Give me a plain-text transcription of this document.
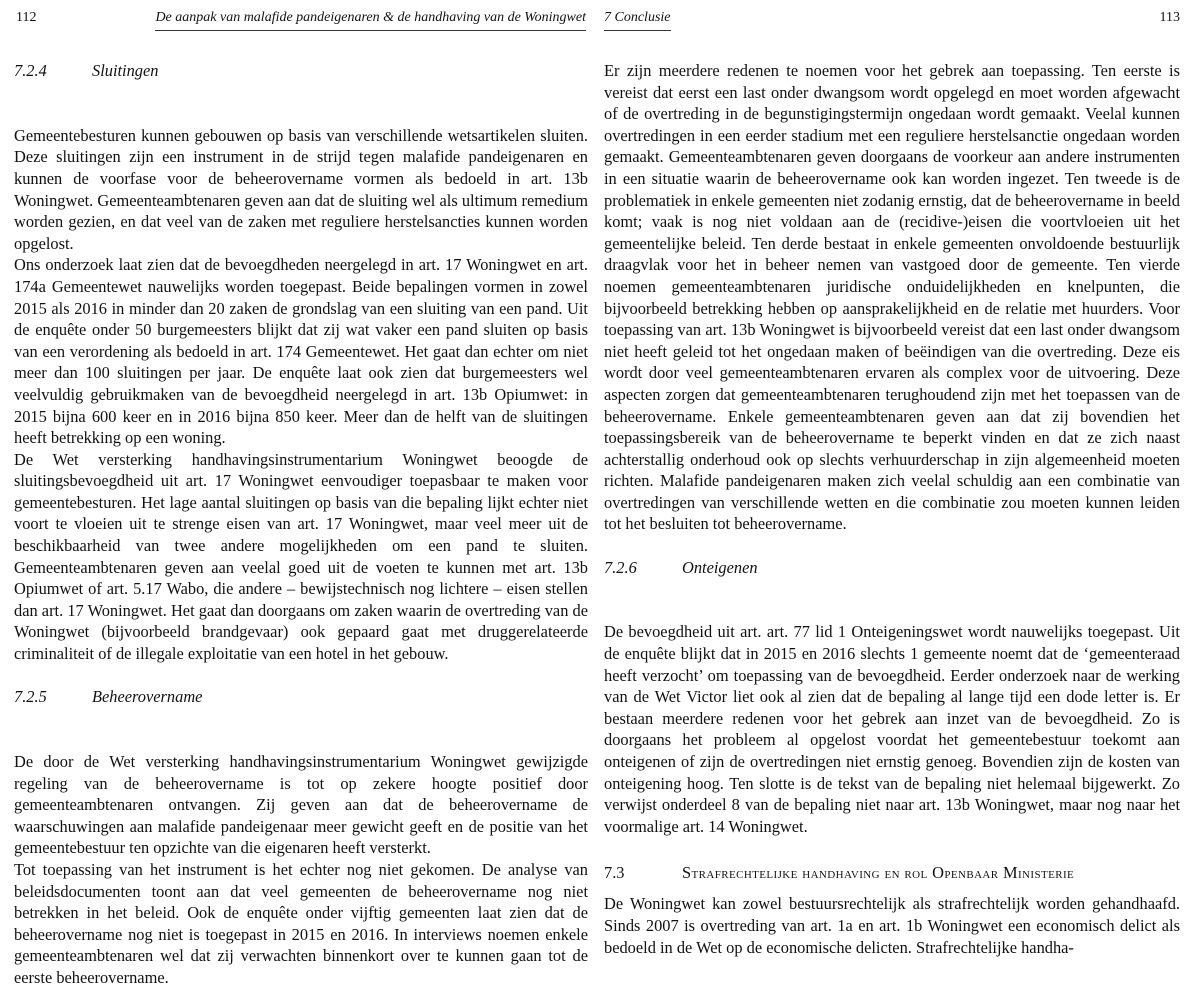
112	De aanpak van malafide pandeigenaren & de handhaving van de Woningwet 7 Conclusie	113
7.2.4	Sluitingen

Gemeentebesturen kunnen gebouwen op basis van verschillende wetsartikelen sluiten. Deze sluitingen zijn een instrument in de strijd tegen malafide pandeigenaren en kunnen de voorfase voor de beheerovername vormen als bedoeld in art. 13b Woningwet. Gemeenteambtenaren geven aan dat de sluiting wel als ultimum remedium worden gezien, en dat veel van de zaken met reguliere herstelsancties kunnen worden opgelost.

Ons onderzoek laat zien dat de bevoegdheden neergelegd in art. 17 Woningwet en art. 174a Gemeentewet nauwelijks worden toegepast. Beide bepalingen vormen in zowel 2015 als 2016 in minder dan 20 zaken de grondslag van een sluiting van een pand. Uit de enquête onder 50 burgemeesters blijkt dat zij wat vaker een pand sluiten op basis van een verordening als bedoeld in art. 174 Gemeentewet. Het gaat dan echter om niet meer dan 100 sluitingen per jaar. De enquête laat ook zien dat burgemeesters wel veelvuldig gebruikmaken van de bevoegdheid neergelegd in art. 13b Opiumwet: in 2015 bijna 600 keer en in 2016 bijna 850 keer. Meer dan de helft van de sluitingen heeft betrekking op een woning.

De Wet versterking handhavingsinstrumentarium Woningwet beoogde de sluitingsbevoegdheid uit art. 17 Woningwet eenvoudiger toepasbaar te maken voor gemeentebesturen. Het lage aantal sluitingen op basis van die bepaling lijkt echter niet voort te vloeien uit te strenge eisen van art. 17 Woningwet, maar veel meer uit de beschikbaarheid van twee andere mogelijkheden om een pand te sluiten. Gemeenteambtenaren geven aan veelal goed uit de voeten te kunnen met art. 13b Opiumwet of art. 5.17 Wabo, die andere – bewijstechnisch nog lichtere – eisen stellen dan art. 17 Woningwet. Het gaat dan doorgaans om zaken waarin de overtreding van de Woningwet (bijvoorbeeld brandgevaar) ook gepaard gaat met druggerelateerde criminaliteit of de illegale exploitatie van een hotel in het gebouw.

7.2.5	Beheerovername

De door de Wet versterking handhavingsinstrumentarium Woningwet gewijzigde regeling van de beheerovername is tot op zekere hoogte positief door gemeenteambtenaren ontvangen. Zij geven aan dat de beheerovername de waarschuwingen aan malafide pandeigenaar meer gewicht geeft en de positie van het gemeentebestuur ten opzichte van die eigenaren heeft versterkt.

Tot toepassing van het instrument is het echter nog niet gekomen. De analyse van beleidsdocumenten toont aan dat veel gemeenten de beheerovername nog niet betrekken in het beleid. Ook de enquête onder vijftig gemeenten laat zien dat de beheerovername nog niet is toegepast in 2015 en 2016. In interviews noemen enkele gemeenteambtenaren wel dat zij verwachten binnenkort over te kunnen gaan tot de eerste beheerovername.

Er zijn meerdere redenen te noemen voor het gebrek aan toepassing. Ten eerste is vereist dat eerst een last onder dwangsom wordt opgelegd en moet worden afgewacht of de overtreding in de begunstigingstermijn ongedaan wordt gemaakt. Veelal kunnen overtredingen in een eerder stadium met een reguliere herstelsanctie ongedaan worden gemaakt. Gemeenteambtenaren geven doorgaans de voorkeur aan andere instrumenten in een situatie waarin de beheerovername ook kan worden ingezet. Ten tweede is de problematiek in enkele gemeenten niet zodanig ernstig, dat de beheerovername in beeld komt; vaak is nog niet voldaan aan de (recidive-)eisen die voortvloeien uit het gemeentelijke beleid. Ten derde bestaat in enkele gemeenten onvoldoende bestuurlijk draagvlak voor het in beheer nemen van vastgoed door de gemeente. Ten vierde noemen gemeenteambtenaren juridische onduidelijkheden en knelpunten, die bijvoorbeeld betrekking hebben op aansprakelijkheid en de relatie met huurders. Voor toepassing van art. 13b Woningwet is bijvoorbeeld vereist dat een last onder dwangsom niet heeft geleid tot het ongedaan maken of beëindigen van die overtreding. Deze eis wordt door veel gemeenteambtenaren ervaren als complex voor de uitvoering. Deze aspecten zorgen dat gemeenteambtenaren terughoudend zijn met het toepassen van de beheerovername. Enkele gemeenteambtenaren geven aan dat zij bovendien het toepassingsbereik van de beheerovername te beperkt vinden en dat ze zich naast achterstallig onderhoud ook op slechts verhuurderschap in zijn algemeenheid moeten richten. Malafide pandeigenaren maken zich veelal schuldig aan een combinatie van overtredingen van verschillende wetten en die combinatie zou moeten kunnen leiden tot het besluiten tot beheerovername.

7.2.6	Onteigenen

De bevoegdheid uit art. art. 77 lid 1 Onteigeningswet wordt nauwelijks toegepast. Uit de enquête blijkt dat in 2015 en 2016 slechts 1 gemeente noemt dat de ‘gemeenteraad heeft verzocht’ om toepassing van de bevoegdheid. Eerder onderzoek naar de werking van de Wet Victor liet ook al zien dat de bepaling al lange tijd een dode letter is. Er bestaan meerdere redenen voor het gebrek aan inzet van de bevoegdheid. Zo is doorgaans het probleem al opgelost voordat het gemeentebestuur toekomt aan onteigenen of zijn de overtredingen niet ernstig genoeg. Bovendien zijn de kosten van onteigening hoog. Ten slotte is de tekst van de bepaling niet helemaal bijgewerkt. Zo verwijst onderdeel 8 van de bepaling niet naar art. 13b Woningwet, maar nog naar het voormalige art. 14 Woningwet.

7.3	Strafrechtelijke handhaving en rol Openbaar Ministerie

De Woningwet kan zowel bestuursrechtelijk als strafrechtelijk worden gehandhaafd. Sinds 2007 is overtreding van art. 1a en art. 1b Woningwet een economisch delict als bedoeld in de Wet op de economische delicten. Strafrechtelijke handha-
